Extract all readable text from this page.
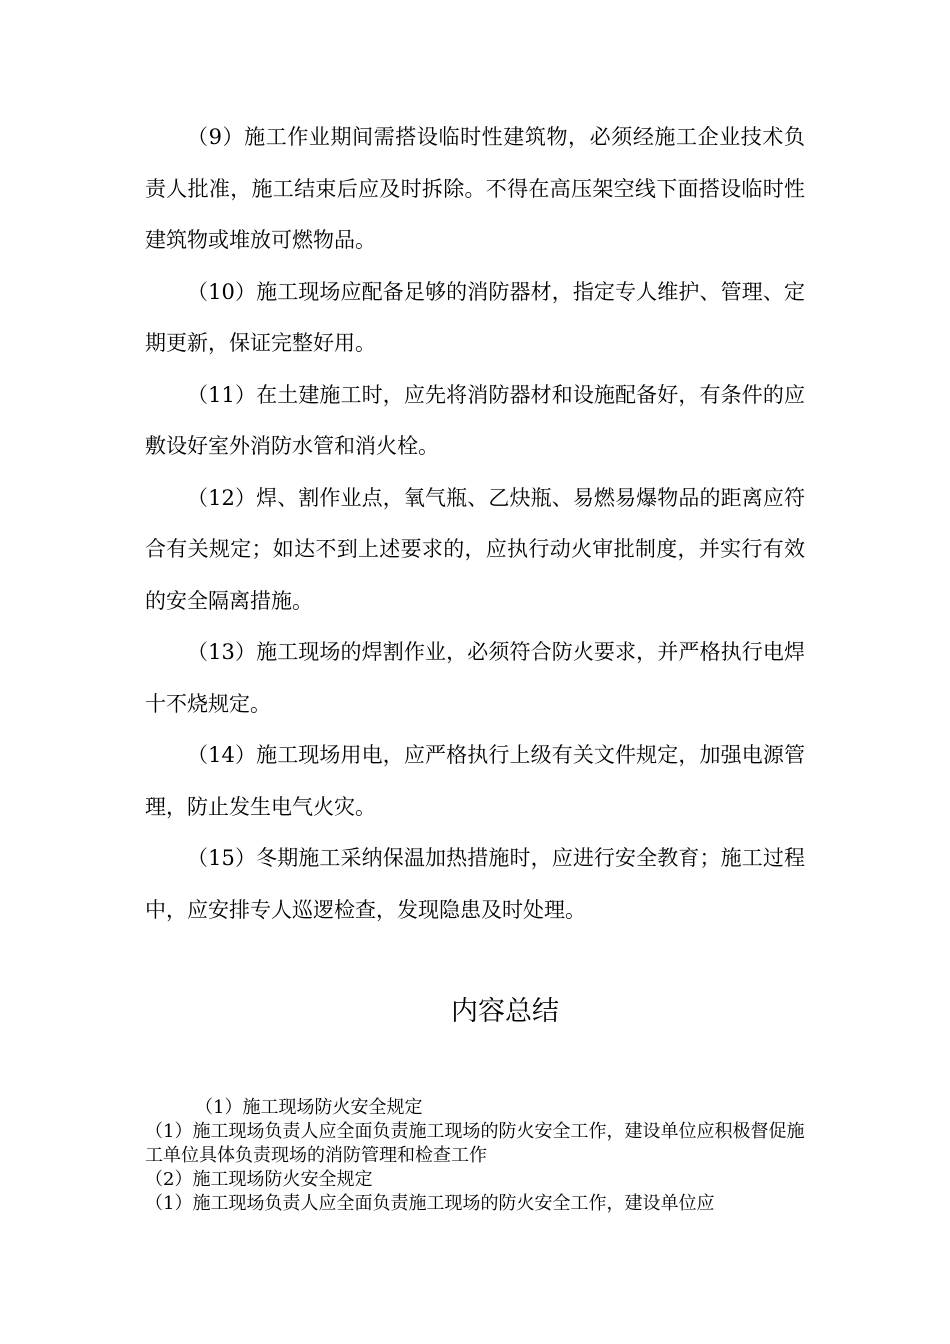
（9）施工作业期间需搭设临时性建筑物，必须经施工企业技术负责人批准，施工结束后应及时拆除。不得在高压架空线下面搭设临时性建筑物或堆放可燃物品。

（10）施工现场应配备足够的消防器材，指定专人维护、管理、定期更新，保证完整好用。

（11）在土建施工时，应先将消防器材和设施配备好，有条件的应敷设好室外消防水管和消火栓。

（12）焊、割作业点，氧气瓶、乙炔瓶、易燃易爆物品的距离应符合有关规定；如达不到上述要求的，应执行动火审批制度，并实行有效的安全隔离措施。

（13）施工现场的焊割作业，必须符合防火要求，并严格执行电焊十不烧规定。

（14）施工现场用电，应严格执行上级有关文件规定，加强电源管理，防止发生电气火灾。

（15）冬期施工采纳保温加热措施时，应进行安全教育；施工过程中，应安排专人巡逻检查，发现隐患及时处理。

内容总结

（1）施工现场防火安全规定

（1）施工现场负责人应全面负责施工现场的防火安全工作，建设单位应积极督促施工单位具体负责现场的消防管理和检查工作

（2）施工现场防火安全规定

（1）施工现场负责人应全面负责施工现场的防火安全工作，建设单位应
